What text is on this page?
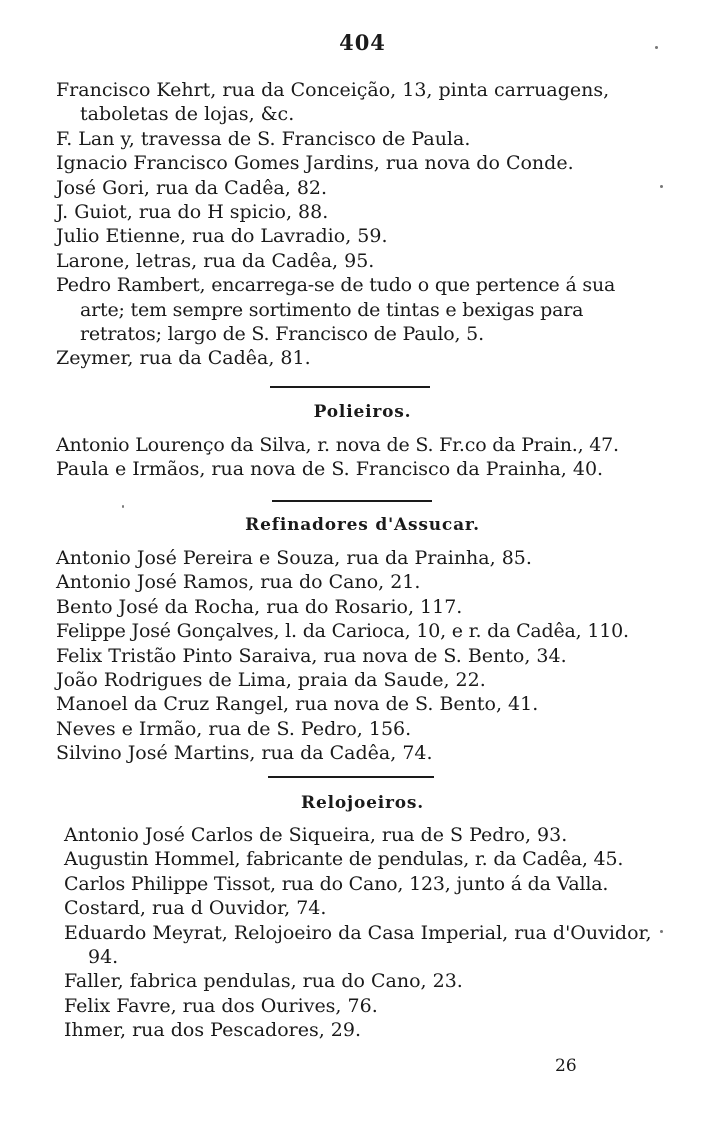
404

Francisco Kehrt, rua da Conceição, 13, pinta carruagens, taboletas de lojas, &c.

F. Lan y, travessa de S. Francisco de Paula.

Ignacio Francisco Gomes Jardins, rua nova do Conde.

José Gori, rua da Cadêa, 82.

J. Guiot, rua do H spicio, 88.

Julio Etienne, rua do Lavradio, 59.

Larone, letras, rua da Cadêa, 95.

Pedro Rambert, encarrega-se de tudo o que pertence á sua arte; tem sempre sortimento de tintas e bexigas para retratos; largo de S. Francisco de Paulo, 5.

Zeymer, rua da Cadêa, 81.

Polieiros.

Antonio Lourenço da Silva, r. nova de S. Fr.co da Prain., 47.

Paula e Irmãos, rua nova de S. Francisco da Prainha, 40.

Refinadores d'Assucar.

Antonio José Pereira e Souza, rua da Prainha, 85.

Antonio José Ramos, rua do Cano, 21.

Bento José da Rocha, rua do Rosario, 117.

Felippe José Gonçalves, l. da Carioca, 10, e r. da Cadêa, 110.

Felix Tristão Pinto Saraiva, rua nova de S. Bento, 34.

João Rodrigues de Lima, praia da Saude, 22.

Manoel da Cruz Rangel, rua nova de S. Bento, 41.

Neves e Irmão, rua de S. Pedro, 156.

Silvino José Martins, rua da Cadêa, 74.

Relojoeiros.

Antonio José Carlos de Siqueira, rua de S Pedro, 93.

Augustin Hommel, fabricante de pendulas, r. da Cadêa, 45.

Carlos Philippe Tissot, rua do Cano, 123, junto á da Valla.

Costard, rua d Ouvidor, 74.

Eduardo Meyrat, Relojoeiro da Casa Imperial, rua d'Ouvidor, 94.

Faller, fabrica pendulas, rua do Cano, 23.

Felix Favre, rua dos Ourives, 76.

Ihmer, rua dos Pescadores, 29.

26
